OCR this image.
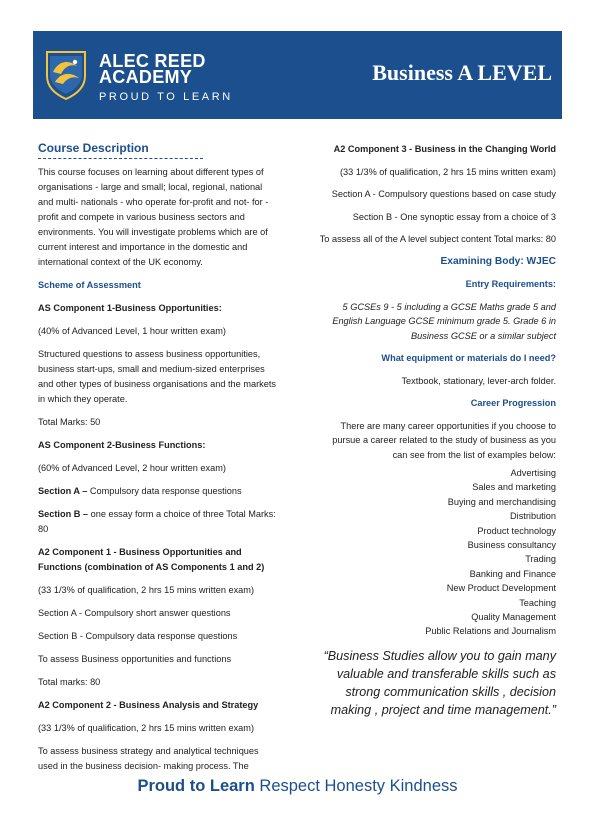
ALEC REED
ACADEMY
PROUD TO LEARN
Business A LEVEL
Course Description

This course focuses on learning about different types of organisations - large and small; local, regional, national and multi- nationals - who operate for-profit and not- for -profit and compete in various business sectors and environments. You will investigate problems which are of current interest and importance in the domestic and international context of the UK economy.

Scheme of Assessment

AS Component 1-Business Opportunities:

(40% of Advanced Level, 1 hour written exam)

Structured questions to assess business opportunities, business start-ups, small and medium-sized enterprises and other types of business organisations and the markets in which they operate.

Total Marks: 50

AS Component 2-Business Functions:

(60% of Advanced Level, 2 hour written exam)

Section A – Compulsory data response questions

Section B – one essay form a choice of three Total Marks: 80

A2 Component 1 - Business Opportunities and Functions (combination of AS Components 1 and 2)

(33 1/3% of qualification, 2 hrs 15 mins written exam)

Section A - Compulsory short answer questions

Section B - Compulsory data response questions

To assess Business opportunities and functions

Total marks: 80

A2 Component 2 - Business Analysis and Strategy

(33 1/3% of qualification, 2 hrs 15 mins written exam)

To assess business strategy and analytical techniques used in the business decision- making process. The

A2 Component 3 - Business in the Changing World

(33 1/3% of qualification, 2 hrs 15 mins written exam)

Section A - Compulsory questions based on case study

Section B - One synoptic essay from a choice of 3

To assess all of the A level subject content Total marks: 80

Examining Body: WJEC

Entry Requirements:

5 GCSEs 9 - 5 including a GCSE Maths grade 5 and English Language GCSE minimum grade 5. Grade 6 in Business GCSE or a similar subject

What equipment or materials do I need?

Textbook, stationary, lever-arch folder.

Career Progression

There are many career opportunities if you choose to pursue a career related to the study of business as you can see from the list of examples below:

Advertising
Sales and marketing
Buying and merchandising
Distribution
Product technology
Business consultancy
Trading
Banking and Finance
New Product Development
Teaching
Quality Management
Public Relations and Journalism
“Business Studies allow you to gain many valuable and transferable skills such as strong communication skills , decision making , project and time management.”
Proud to Learn Respect Honesty Kindness
